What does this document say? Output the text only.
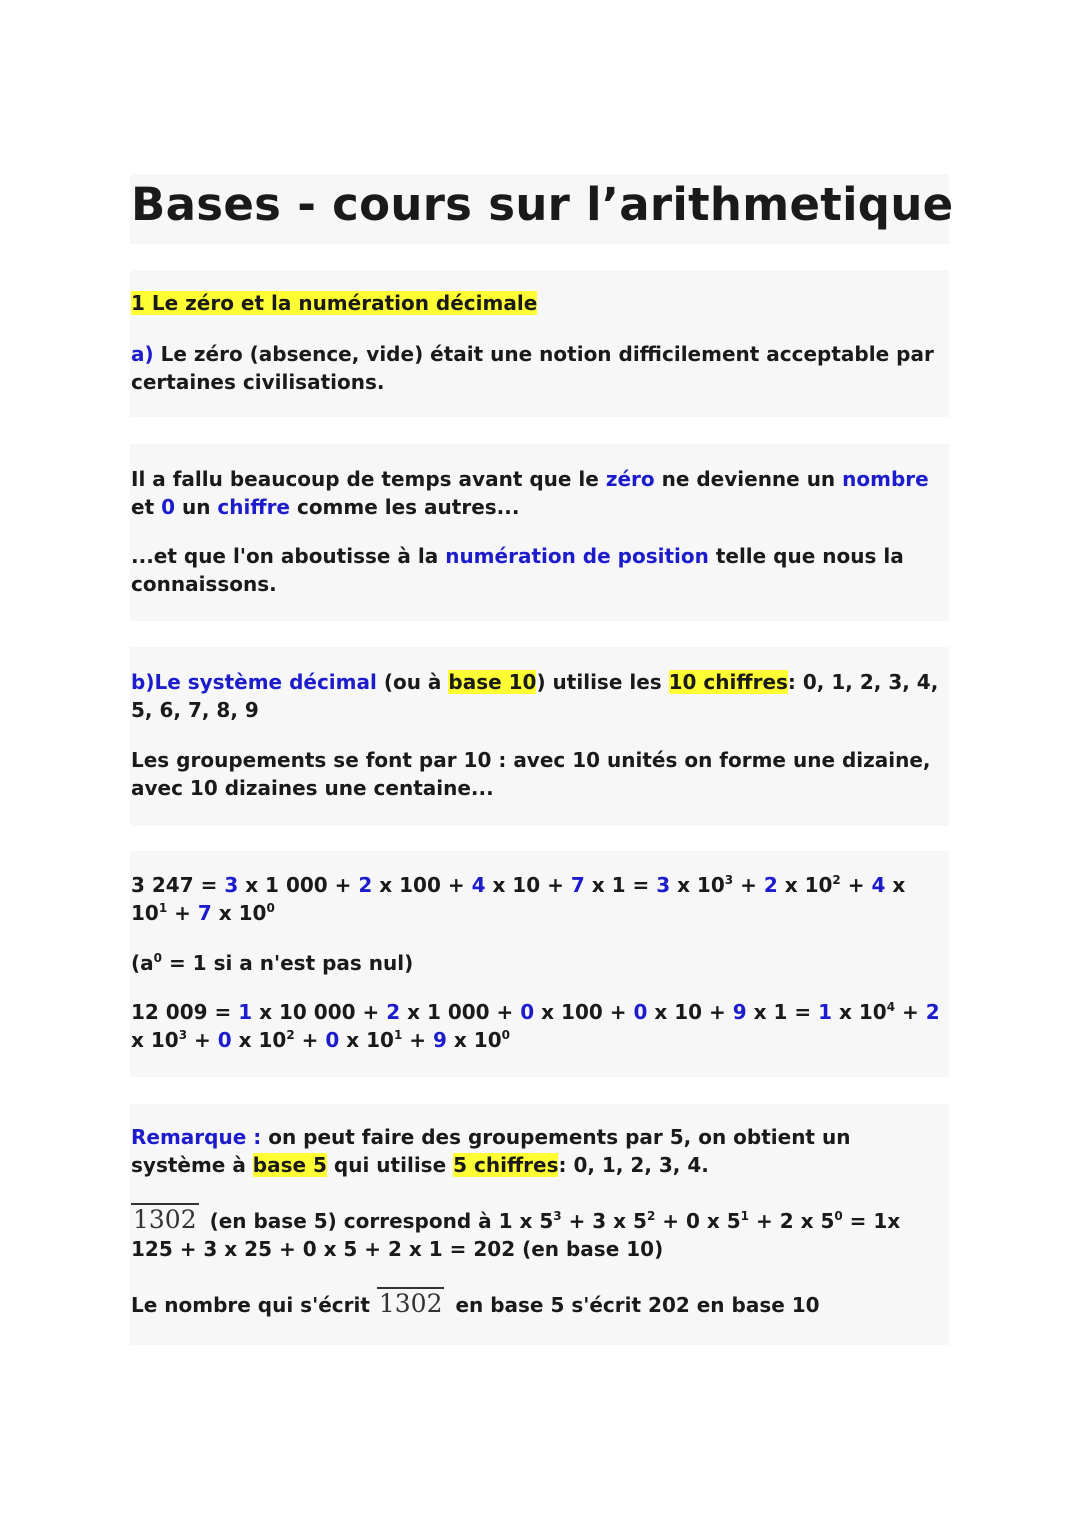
Bases - cours sur l’arithmetique

1 Le zéro et la numération décimale

a) Le zéro (absence, vide) était une notion difficilement acceptable par certaines civilisations.

Il a fallu beaucoup de temps avant que le zéro ne devienne un nombre et 0 un chiffre comme les autres...

...et que l'on aboutisse à la numération de position telle que nous la connaissons.

b)Le système décimal (ou à base 10) utilise les 10 chiffres: 0, 1, 2, 3, 4, 5, 6, 7, 8, 9

Les groupements se font par 10 : avec 10 unités on forme une dizaine, avec 10 dizaines une centaine...

3 247 = 3 x 1 000 + 2 x 100 + 4 x 10 + 7 x 1 = 3 x $10^3 + 2$ x $10^2 + 4$ x $10^1 + 7$ x $10^0$

($a^0 = 1$ si a n'est pas nul)

12 009 = 1 x 10 000 + 2 x 1 000 + 0 x 100 + 0 x 10 + 9 x 1 = 1 x $10^4 + 2$ x $10^3 + 0$ x $10^2 + 0$ x $10^1 + 9$ x $10^0$

Remarque : on peut faire des groupements par 5, on obtient un système à base 5 qui utilise 5 chiffres: 0, 1, 2, 3, 4.

1302 (en base 5) correspond à 1 x $5^3 + 3$ x $5^2 + 0$ x $5^1 + 2$ x $5^0 = 1x$ 125 + 3 x 25 + 0 x 5 + 2 x 1 = 202 (en base 10)

Le nombre qui s'écrit 1302 en base 5 s'écrit 202 en base 10
